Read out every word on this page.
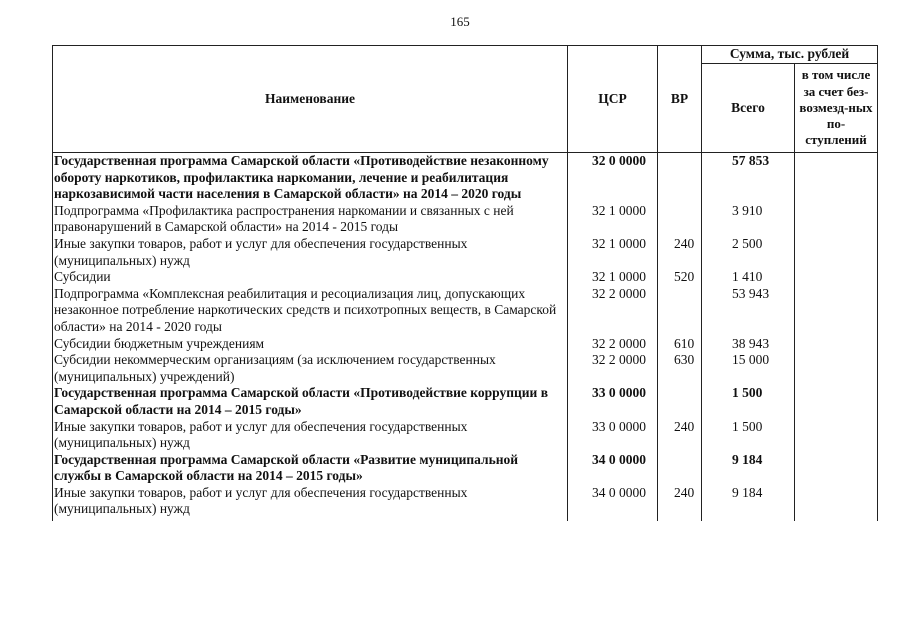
165
Наименование	ЦСР	ВР	Сумма, тыс. рублей	
			Всего	в том числе за счет без-возмезд-ных по-ступлений
Государственная программа Самарской области «Противодействие незаконному обороту наркотиков, профилактика наркомании, лечение и реабилитация наркозависимой части населения в Самарской области» на 2014 – 2020 годы	32 0 0000		57 853	
Подпрограмма «Профилактика распространения наркомании и связанных с ней правонарушений в Самарской области» на 2014 - 2015 годы	32 1 0000		3 910	
Иные закупки товаров, работ и услуг для обеспечения государственных (муниципальных) нужд	32 1 0000	240	2 500	
Субсидии	32 1 0000	520	1 410	
Подпрограмма «Комплексная реабилитация и ресоциализация лиц, допускающих незаконное потребление наркотических средств и психотропных веществ, в Самарской области» на 2014 - 2020 годы	32 2 0000		53 943	
Субсидии бюджетным учреждениям	32 2 0000	610	38 943	
Субсидии некоммерческим организациям (за исключением государственных (муниципальных) учреждений)	32 2 0000	630	15 000	
Государственная программа Самарской области «Противодействие коррупции в Самарской области на 2014 – 2015 годы»	33 0 0000		1 500	
Иные закупки товаров, работ и услуг для обеспечения государственных (муниципальных) нужд	33 0 0000	240	1 500	
Государственная программа Самарской области «Развитие муниципальной службы в Самарской области на 2014 – 2015 годы»	34 0 0000		9 184	
Иные закупки товаров, работ и услуг для обеспечения государственных (муниципальных) нужд	34 0 0000	240	9 184	
